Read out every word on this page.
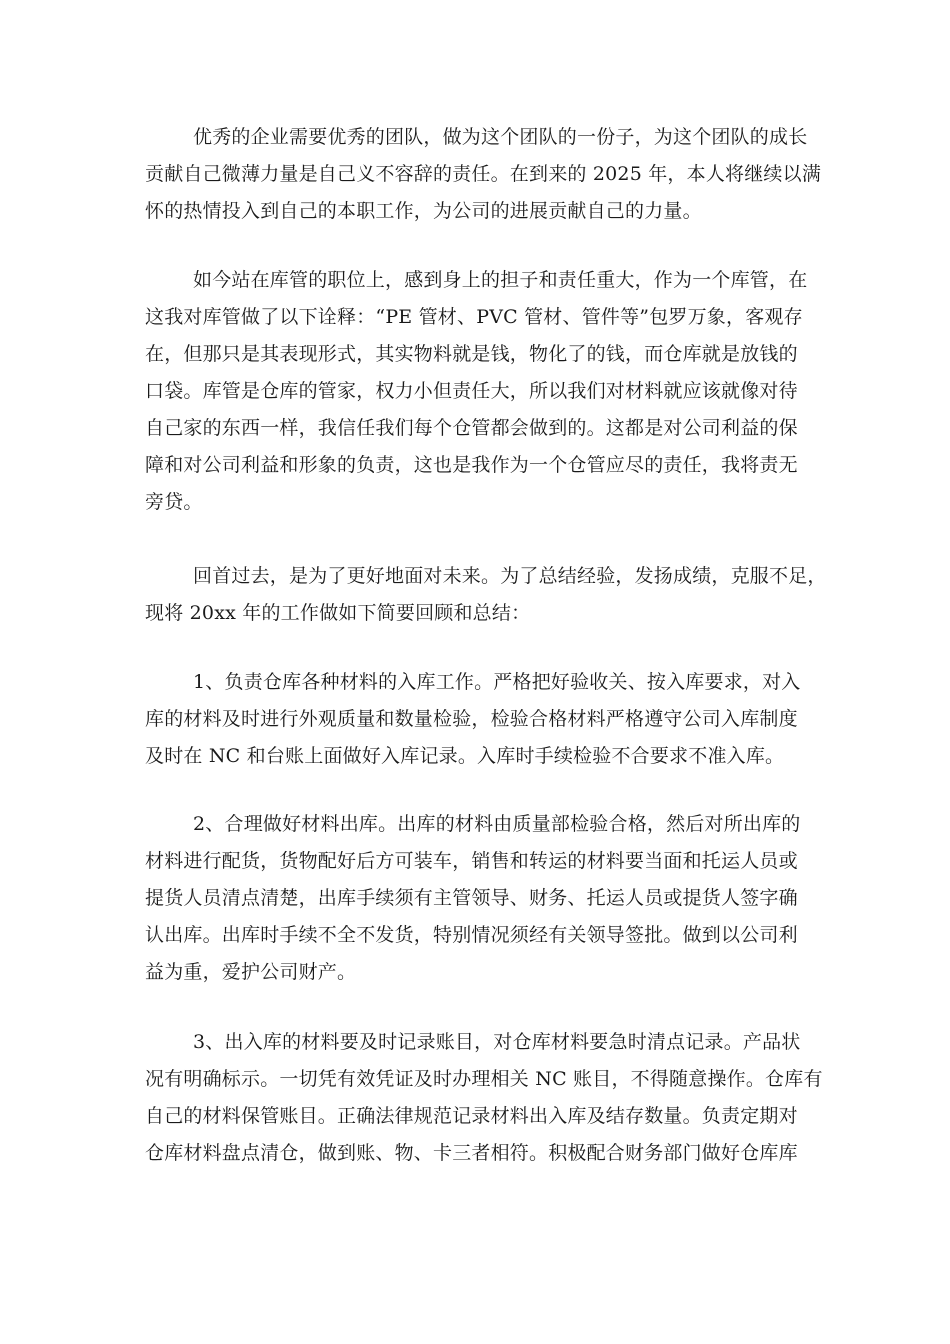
优秀的企业需要优秀的团队，做为这个团队的一份子，为这个团队的成长
贡献自己微薄力量是自己义不容辞的责任。在到来的 2025 年，本人将继续以满
怀的热情投入到自己的本职工作，为公司的进展贡献自己的力量。
如今站在库管的职位上，感到身上的担子和责任重大，作为一个库管，在
这我对库管做了以下诠释：“PE 管材、PVC 管材、管件等”包罗万象，客观存
在，但那只是其表现形式，其实物料就是钱，物化了的钱，而仓库就是放钱的
口袋。库管是仓库的管家，权力小但责任大，所以我们对材料就应该就像对待
自己家的东西一样，我信任我们每个仓管都会做到的。这都是对公司利益的保
障和对公司利益和形象的负责，这也是我作为一个仓管应尽的责任，我将责无
旁贷。
回首过去，是为了更好地面对未来。为了总结经验，发扬成绩，克服不足，
现将 20xx 年的工作做如下简要回顾和总结：
1、负责仓库各种材料的入库工作。严格把好验收关、按入库要求，对入
库的材料及时进行外观质量和数量检验，检验合格材料严格遵守公司入库制度
及时在 NC 和台账上面做好入库记录。入库时手续检验不合要求不准入库。
2、合理做好材料出库。出库的材料由质量部检验合格，然后对所出库的
材料进行配货，货物配好后方可装车，销售和转运的材料要当面和托运人员或
提货人员清点清楚，出库手续须有主管领导、财务、托运人员或提货人签字确
认出库。出库时手续不全不发货，特别情况须经有关领导签批。做到以公司利
益为重，爱护公司财产。
3、出入库的材料要及时记录账目，对仓库材料要急时清点记录。产品状
况有明确标示。一切凭有效凭证及时办理相关 NC 账目，不得随意操作。仓库有
自己的材料保管账目。正确法律规范记录材料出入库及结存数量。负责定期对
仓库材料盘点清仓，做到账、物、卡三者相符。积极配合财务部门做好仓库库
